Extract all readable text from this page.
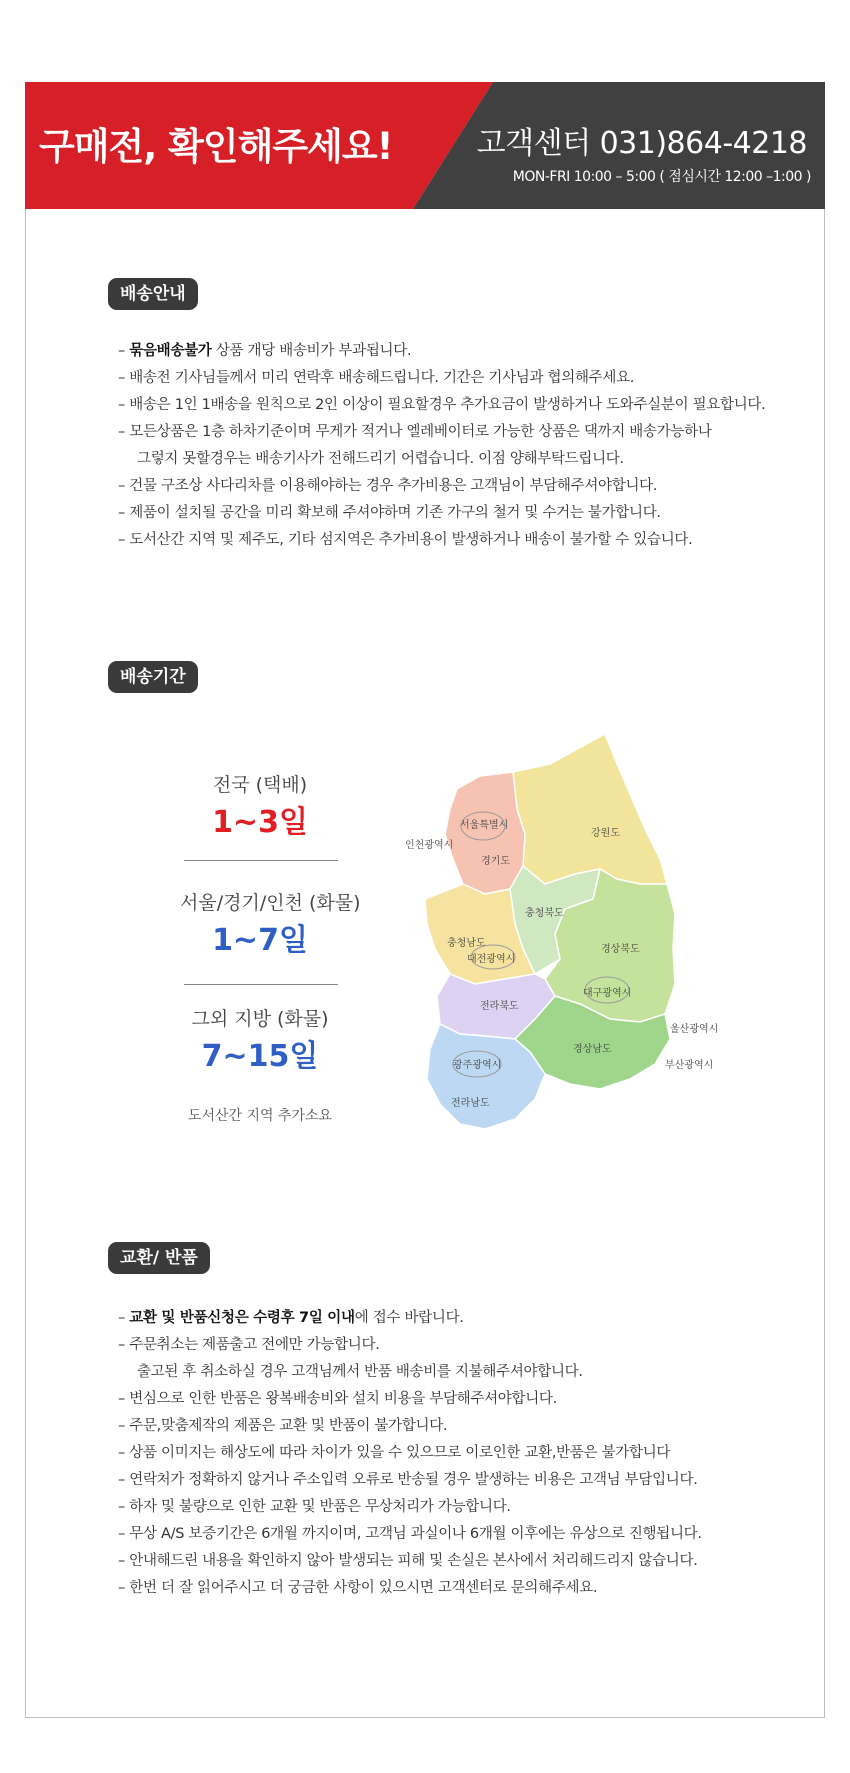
구매전, 확인해주세요!	고객센터 031)864-4218
MON-FRI 10:00 – 5:00 ( 점심시간 12:00 –1:00 )
배송안내
– 묶음배송불가 상품 개당 배송비가 부과됩니다.
– 배송전 기사님들께서 미리 연락후 배송해드립니다. 기간은 기사님과 협의해주세요.
– 배송은 1인 1배송을 원칙으로 2인 이상이 필요할경우 추가요금이 발생하거나 도와주실분이 필요합니다.
– 모든상품은 1층 하차기준이며 무게가 적거나 엘레베이터로 가능한 상품은 댁까지 배송가능하나
그렇지 못할경우는 배송기사가 전해드리기 어렵습니다. 이점 양해부탁드립니다.
– 건물 구조상 사다리차를 이용해야하는 경우 추가비용은 고객님이 부담해주셔야합니다.
– 제품이 설치될 공간을 미리 확보해 주셔야하며 기존 가구의 철거 및 수거는 불가합니다.
– 도서산간 지역 및 제주도, 기타 섬지역은 추가비용이 발생하거나 배송이 불가할 수 있습니다.
배송기간
전국 (택배)
1~3일
서울/경기/인천 (화물)
1~7일
그외 지방 (화물)
7~15일
도서산간 지역 추가소요
강원도
서울특별시
인천광역시
경기도
충청북도
충청남도
대전광역시
경상북도
대구광역시
전라북도
울산광역시
경상남도
부산광역시
광주광역시
전라남도
교환/ 반품
– 교환 및 반품신청은 수령후 7일 이내에 접수 바랍니다.
– 주문취소는 제품출고 전에만 가능합니다.
출고된 후 취소하실 경우 고객님께서 반품 배송비를 지불해주셔야합니다.
– 변심으로 인한 반품은 왕복배송비와 설치 비용을 부담해주셔야합니다.
– 주문,맞춤제작의 제품은 교환 및 반품이 불가합니다.
– 상품 이미지는 해상도에 따라 차이가 있을 수 있으므로 이로인한 교환,반품은 불가합니다
– 연락처가 정확하지 않거나 주소입력 오류로 반송될 경우 발생하는 비용은 고객님 부담입니다.
– 하자 및 불량으로 인한 교환 및 반품은 무상처리가 가능합니다.
– 무상 A/S 보증기간은 6개월 까지이며, 고객님 과실이나 6개월 이후에는 유상으로 진행됩니다.
– 안내해드린 내용을 확인하지 않아 발생되는 피해 및 손실은 본사에서 처리해드리지 않습니다.
– 한번 더 잘 읽어주시고 더 궁금한 사항이 있으시면 고객센터로 문의해주세요.
